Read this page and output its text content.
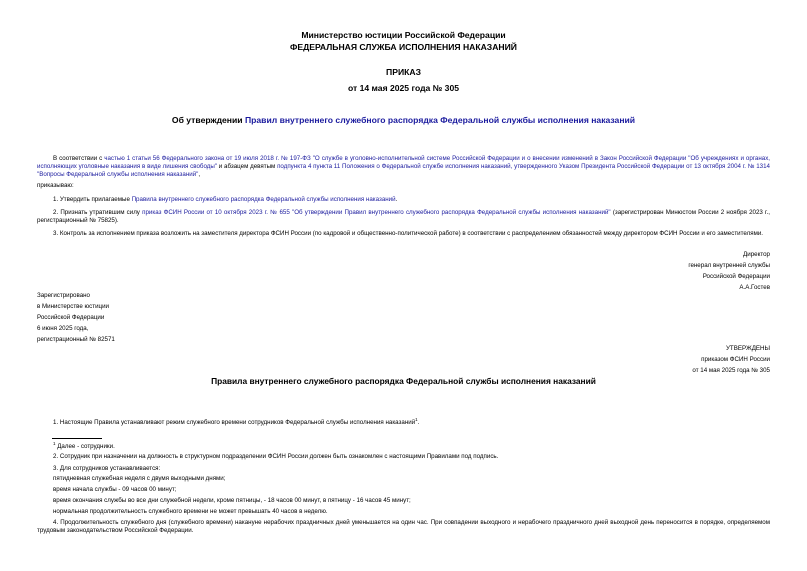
Министерство юстиции Российской Федерации
ФЕДЕРАЛЬНАЯ СЛУЖБА ИСПОЛНЕНИЯ НАКАЗАНИЙ
ПРИКАЗ
от 14 мая 2025 года № 305
Об утверждении Правил внутреннего служебного распорядка Федеральной службы исполнения наказаний
В соответствии с частью 1 статьи 56 Федерального закона от 19 июля 2018 г. № 197-ФЗ "О службе в уголовно-исполнительной системе Российской Федерации и о внесении изменений в Закон Российской Федерации "Об учреждениях и органах, исполняющих уголовные наказания в виде лишения свободы" и абзацем девятым подпункта 4 пункта 11 Положения о Федеральной службе исполнения наказаний, утвержденного Указом Президента Российской Федерации от 13 октября 2004 г. № 1314 "Вопросы Федеральной службы исполнения наказаний",
приказываю:
1. Утвердить прилагаемые Правила внутреннего служебного распорядка Федеральной службы исполнения наказаний.
2. Признать утратившим силу приказ ФСИН России от 10 октября 2023 г. № 655 "Об утверждении Правил внутреннего служебного распорядка Федеральной службы исполнения наказаний" (зарегистрирован Минюстом России 2 ноября 2023 г., регистрационный № 75825).
3. Контроль за исполнением приказа возложить на заместителя директора ФСИН России (по кадровой и общественно-политической работе) в соответствии с распределением обязанностей между директором ФСИН России и его заместителями.
Директор
генерал внутренней службы
Российской Федерации
А.А.Гостев
Зарегистрировано
в Министерстве юстиции
Российской Федерации
6 июня 2025 года,
регистрационный № 82571
УТВЕРЖДЕНЫ
приказом ФСИН России
от 14 мая 2025 года № 305
Правила внутреннего служебного распорядка Федеральной службы исполнения наказаний
1. Настоящие Правила устанавливают режим служебного времени сотрудников Федеральной службы исполнения наказаний$^1$.
$^1$ Далее - сотрудники.
2. Сотрудник при назначении на должность в структурном подразделении ФСИН России должен быть ознакомлен с настоящими Правилами под подпись.
3. Для сотрудников устанавливается:
пятидневная служебная неделя с двумя выходными днями;
время начала службы - 09 часов 00 минут;
время окончания службы во все дни служебной недели, кроме пятницы, - 18 часов 00 минут, в пятницу - 16 часов 45 минут;
нормальная продолжительность служебного времени не может превышать 40 часов в неделю.
4. Продолжительность служебного дня (служебного времени) накануне нерабочих праздничных дней уменьшается на один час. При совпадении выходного и нерабочего праздничного дней выходной день переносится в порядке, определяемом трудовым законодательством Российской Федерации.
